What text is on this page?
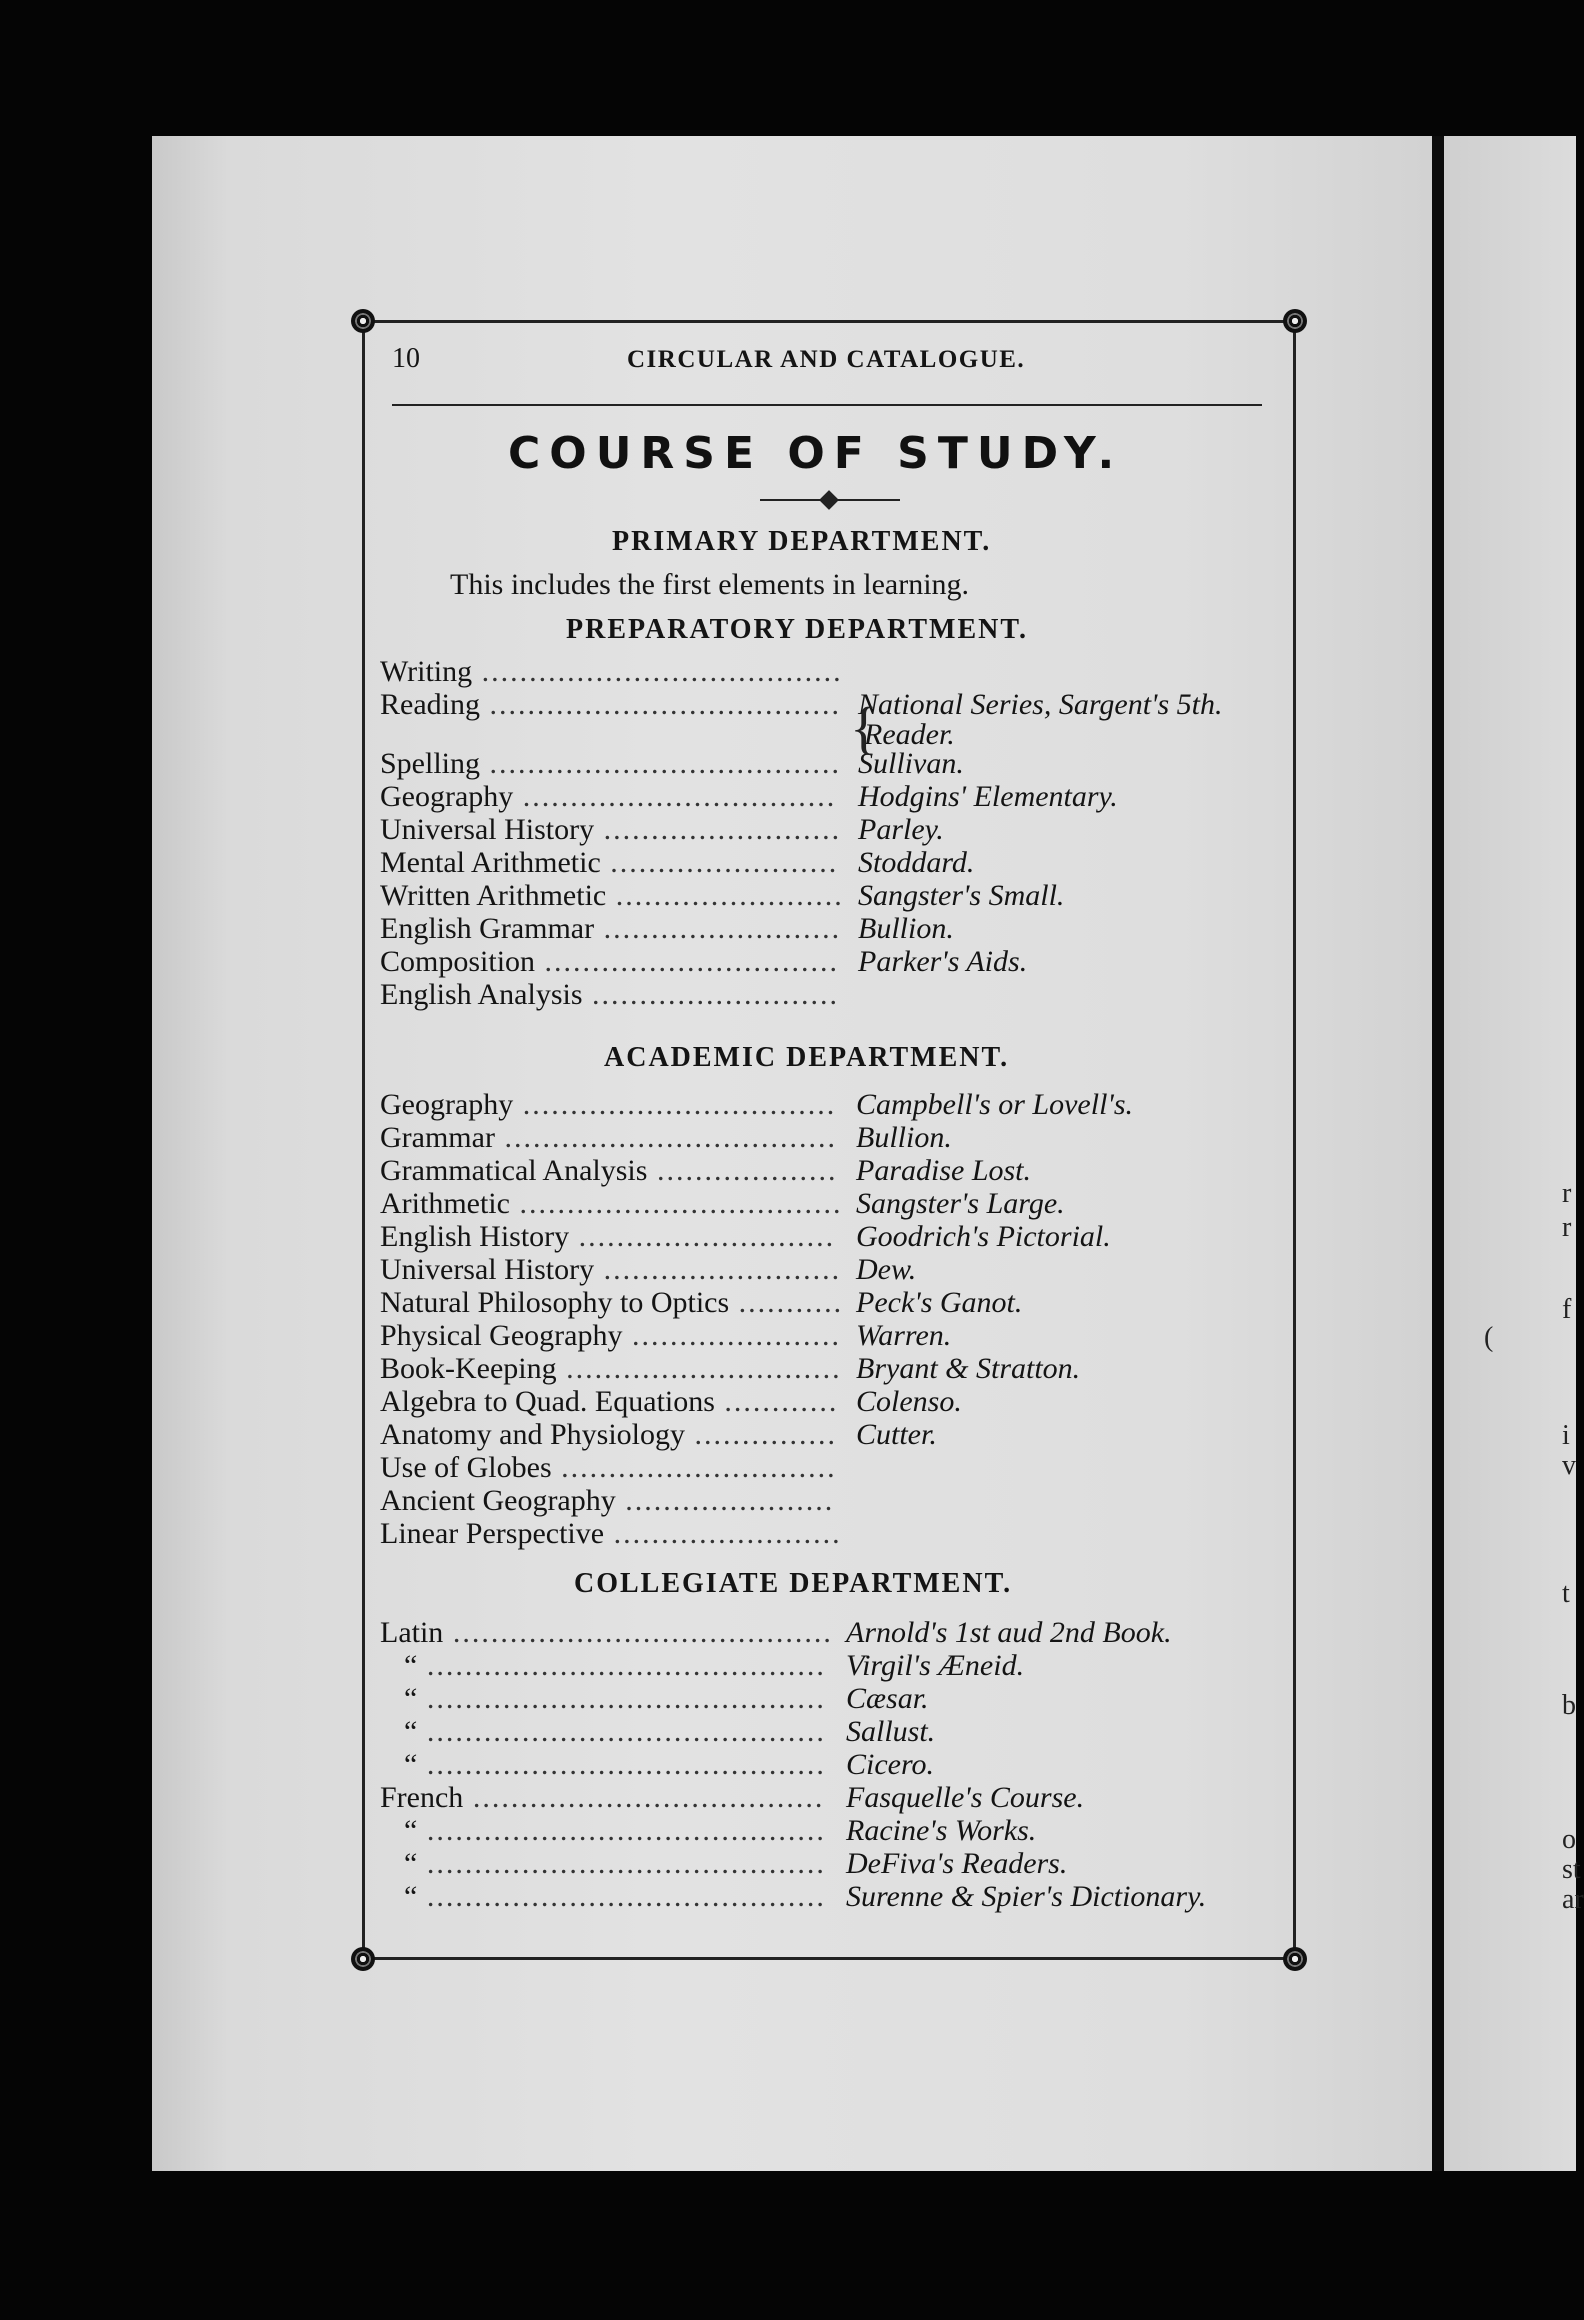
r
r
f
(
i
v
t
b
o
st
ar
10	CIRCULAR AND CATALOGUE.
COURSE OF STUDY.
PRIMARY DEPARTMENT.
This includes the first elements in learning.
PREPARATORY DEPARTMENT.
Writing ......................................
Reading ..................................... National Series, Sargent's 5th.
Reader.
Spelling ..................................... Sullivan.
Geography ................................. Hodgins' Elementary.
Universal History ......................... Parley.
Mental Arithmetic ........................ Stoddard.
Written Arithmetic ........................ Sangster's Small.
English Grammar ......................... Bullion.
Composition ............................... Parker's Aids.
English Analysis ..........................
{
ACADEMIC DEPARTMENT.
Geography ................................. Campbell's or Lovell's.
Grammar ................................... Bullion.
Grammatical Analysis ................... Paradise Lost.
Arithmetic .................................. Sangster's Large.
English History ........................... Goodrich's Pictorial.
Universal History ......................... Dew.
Natural Philosophy to Optics ........... Peck's Ganot.
Physical Geography ...................... Warren.
Book-Keeping ............................. Bryant & Stratton.
Algebra to Quad. Equations ............ Colenso.
Anatomy and Physiology ............... Cutter.
Use of Globes .............................
Ancient Geography ......................
Linear Perspective ........................
COLLEGIATE DEPARTMENT.
Latin ........................................ Arnold's 1st aud 2nd Book.
“ .......................................... Virgil's Æneid.
“ .......................................... Cæsar.
“ .......................................... Sallust.
“ .......................................... Cicero.
French ..................................... Fasquelle's Course.
“ .......................................... Racine's Works.
“ .......................................... DeFiva's Readers.
“ .......................................... Surenne & Spier's Dictionary.
